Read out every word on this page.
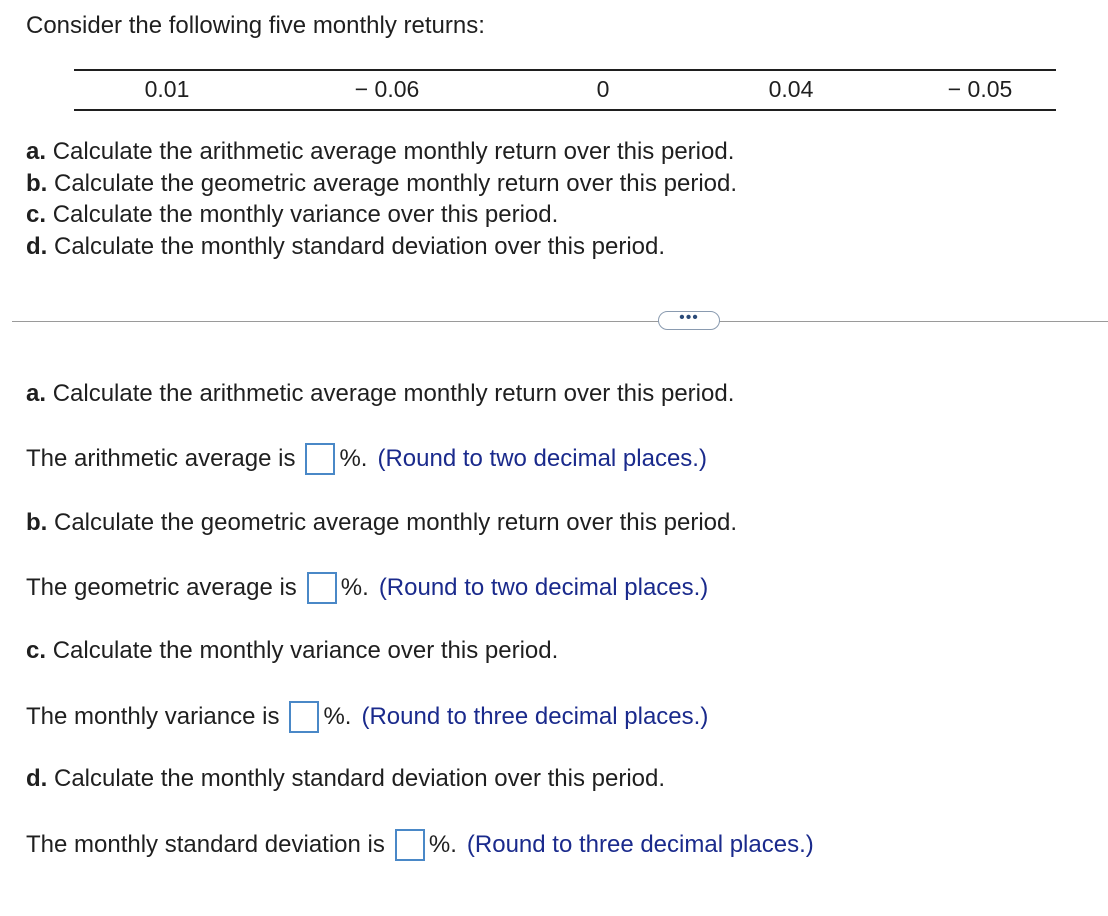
Consider the following five monthly returns:
0.01	− 0.06	0	0.04	− 0.05
a. Calculate the arithmetic average monthly return over this period.
b. Calculate the geometric average monthly return over this period.
c. Calculate the monthly variance over this period.
d. Calculate the monthly standard deviation over this period.
•••
a. Calculate the arithmetic average monthly return over this period.
The arithmetic average is %. (Round to two decimal places.)
b. Calculate the geometric average monthly return over this period.
The geometric average is %. (Round to two decimal places.)
c. Calculate the monthly variance over this period.
The monthly variance is %. (Round to three decimal places.)
d. Calculate the monthly standard deviation over this period.
The monthly standard deviation is %. (Round to three decimal places.)
